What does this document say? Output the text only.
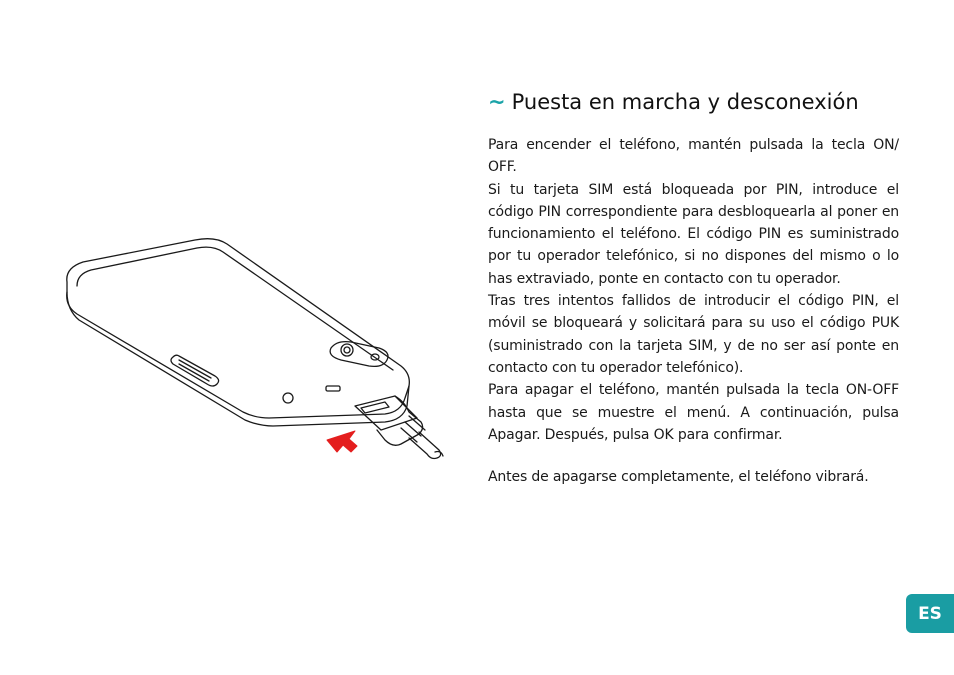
~ Puesta en marcha y desconexión

Para encender el teléfono, mantén pulsada la tecla ON/ OFF.

Si tu tarjeta SIM está bloqueada por PIN, introduce el código PIN correspondiente para desbloquearla al poner en funcionamiento el teléfono. El código PIN es suministrado por tu operador telefónico, si no dispones del mismo o lo has extraviado, ponte en contacto con tu operador.

Tras tres intentos fallidos de introducir el código PIN, el móvil se bloqueará y solicitará para su uso el código PUK (suministrado con la tarjeta SIM, y de no ser así ponte en contacto con tu operador telefónico).

Para apagar el teléfono, mantén pulsada la tecla ON-OFF hasta que se muestre el menú. A continuación, pulsa Apagar. Después, pulsa OK para confirmar.

Antes de apagarse completamente, el teléfono vibrará.

ES
